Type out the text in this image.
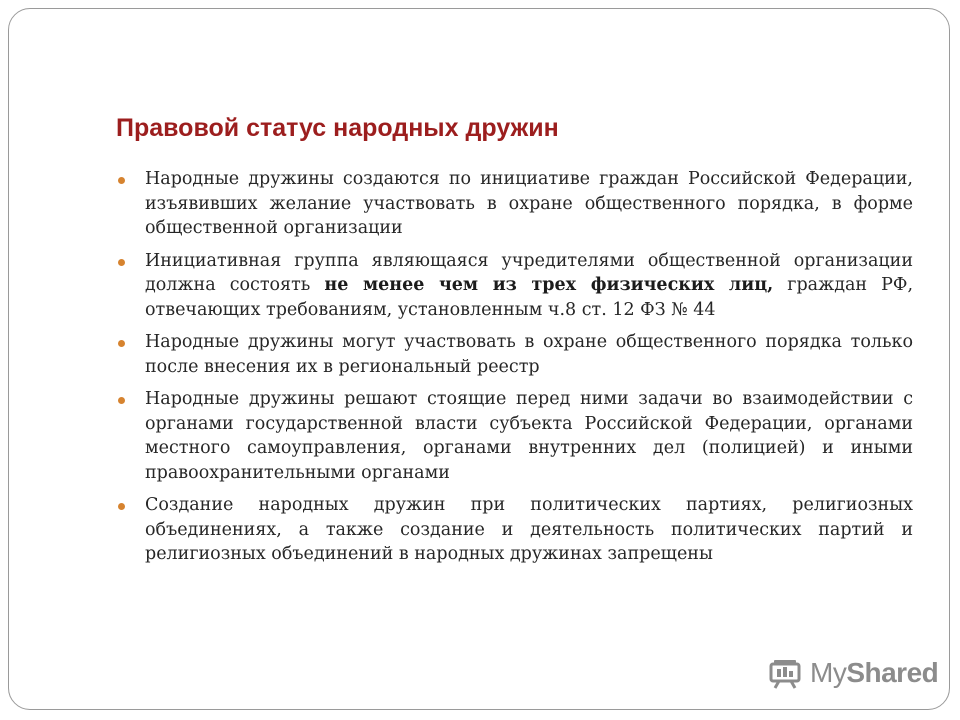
Правовой статус народных дружин
Народные дружины создаются по инициативе граждан Российской Федерации, изъявивших желание участвовать в охране общественного порядка, в форме общественной организации
Инициативная группа являющаяся учредителями общественной организации должна состоять не менее чем из трех физических лиц, граждан РФ, отвечающих требованиям, установленным ч.8 ст. 12 ФЗ № 44
Народные дружины могут участвовать в охране общественного порядка только после внесения их в региональный реестр
Народные дружины решают стоящие перед ними задачи во взаимодействии с органами государственной власти субъекта Российской Федерации, органами местного самоуправления, органами внутренних дел (полицией) и иными правоохранительными органами
Создание народных дружин при политических партиях, религиозных объединениях, а также создание и деятельность политических партий и религиозных объединений в народных дружинах запрещены
MyShared
